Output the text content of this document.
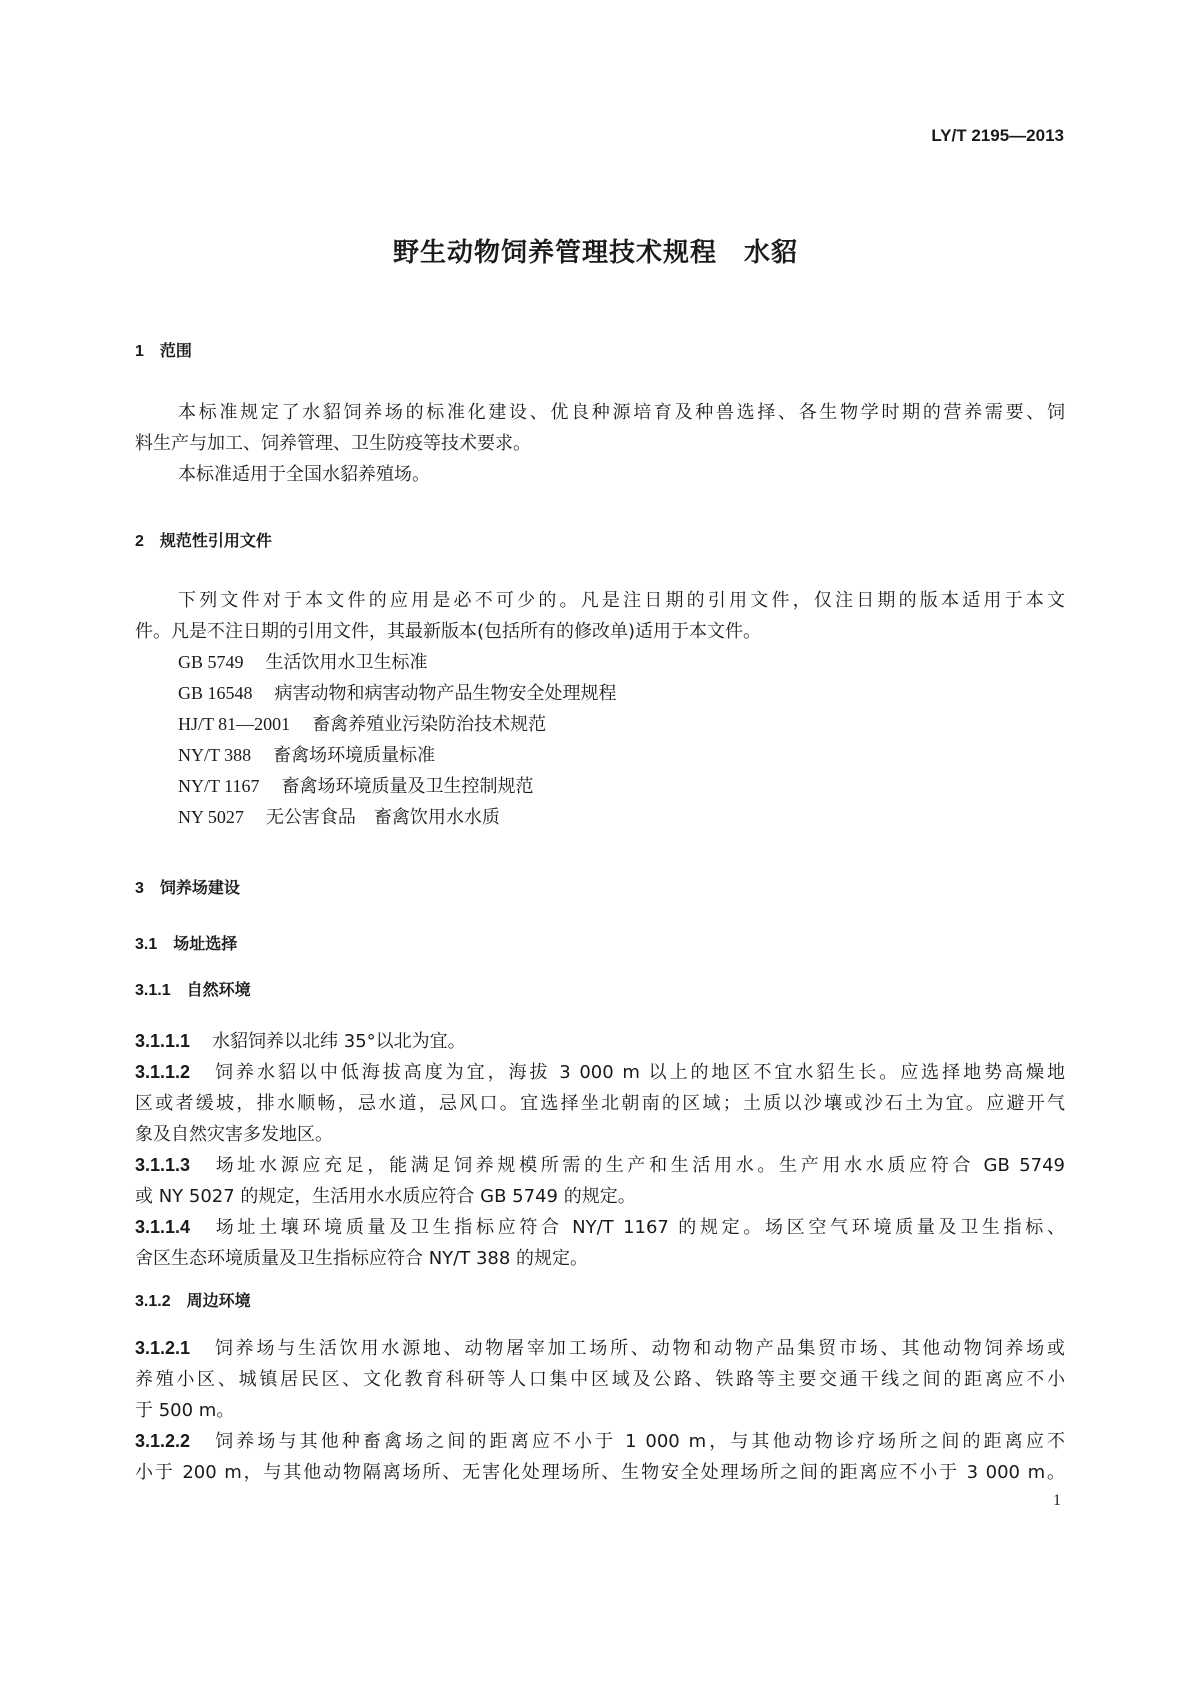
LY/T 2195—2013
野生动物饲养管理技术规程　水貂
1 范围
本标准规定了水貂饲养场的标准化建设、优良种源培育及种兽选择、各生物学时期的营养需要、饲
料生产与加工、饲养管理、卫生防疫等技术要求。
本标准适用于全国水貂养殖场。
2 规范性引用文件
下列文件对于本文件的应用是必不可少的。凡是注日期的引用文件，仅注日期的版本适用于本文
件。凡是不注日期的引用文件，其最新版本(包括所有的修改单)适用于本文件。
GB 5749 生活饮用水卫生标准
GB 16548 病害动物和病害动物产品生物安全处理规程
HJ/T 81—2001 畜禽养殖业污染防治技术规范
NY/T 388 畜禽场环境质量标准
NY/T 1167 畜禽场环境质量及卫生控制规范
NY 5027 无公害食品　畜禽饮用水水质
3 饲养场建设
3.1 场址选择
3.1.1 自然环境
3.1.1.1 水貂饲养以北纬 35°以北为宜。
3.1.1.2 饲养水貂以中低海拔高度为宜，海拔 3 000 m 以上的地区不宜水貂生长。应选择地势高燥地
区或者缓坡，排水顺畅，忌水道，忌风口。宜选择坐北朝南的区域；土质以沙壤或沙石土为宜。应避开气
象及自然灾害多发地区。
3.1.1.3 场址水源应充足，能满足饲养规模所需的生产和生活用水。生产用水水质应符合 GB 5749
或 NY 5027 的规定，生活用水水质应符合 GB 5749 的规定。
3.1.1.4 场址土壤环境质量及卫生指标应符合 NY/T 1167 的规定。场区空气环境质量及卫生指标、
舍区生态环境质量及卫生指标应符合 NY/T 388 的规定。
3.1.2 周边环境
3.1.2.1 饲养场与生活饮用水源地、动物屠宰加工场所、动物和动物产品集贸市场、其他动物饲养场或
养殖小区、城镇居民区、文化教育科研等人口集中区域及公路、铁路等主要交通干线之间的距离应不小
于 500 m。
3.1.2.2 饲养场与其他种畜禽场之间的距离应不小于 1 000 m，与其他动物诊疗场所之间的距离应不
小于 200 m，与其他动物隔离场所、无害化处理场所、生物安全处理场所之间的距离应不小于 3 000 m。
1
